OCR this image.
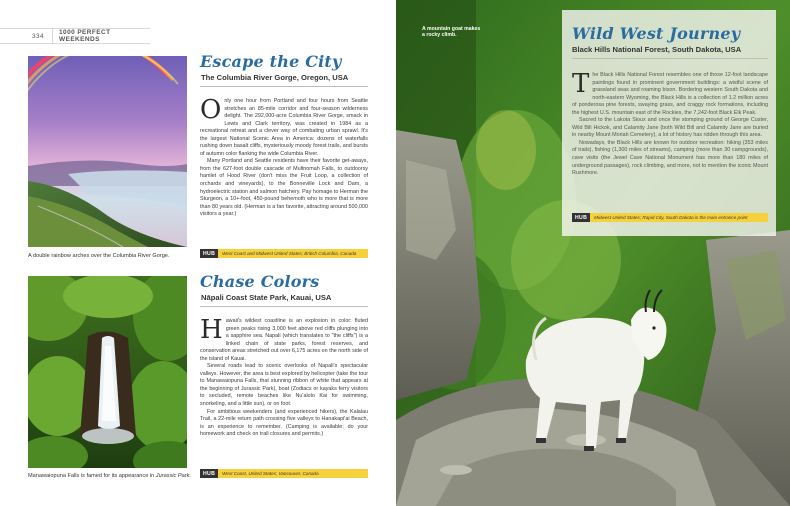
334	1000 PERFECT WEEKENDS
A double rainbow arches over the Columbia River Gorge.
Escape the City
The Columbia River Gorge, Oregon, USA

Only one hour from Portland and four hours from Seattle stretches an 85-mile corridor and four-season wilderness delight. The 292,000-acre Columbia River Gorge, smack in Lewis and Clark territory, was created in 1984 as a recreational retreat and a clever way of combating urban sprawl. It's the largest National Scenic Area in America: dozens of waterfalls rushing down basalt cliffs, mysteriously moody forest trails, and bursts of autumn color flanking the wide Columbia River.

Many Portland and Seattle residents have their favorite get-aways, from the 627-foot double cascade of Multnomah Falls, to outdoorsy hamlet of Hood River (don't miss the Fruit Loop, a collection of orchards and vineyards), to the Bonneville Lock and Dam, a hydroelectric station and salmon hatchery. Pay homage to Herman the Sturgeon, a 10+-foot, 450-pound behemoth who is more that is more than 80 years old. (Herman is a fan favorite, attracting around 500,000 visitors a year.)

HUB	West Coast and Midwest United States; British Columbia, Canada
Manawaiopuna Falls is famed for its appearance in Jurassic Park.
Chase Colors
Nāpali Coast State Park, Kauai, USA

Hawaii's wildest coastline is an explosion in color: fluted green peaks rising 3,000 feet above red cliffs plunging into a sapphire sea. Napali (which translates to "the cliffs") is a linked chain of state parks, forest reserves, and conservation areas stretched out over 6,175 acres on the north side of the island of Kauai.

Several roads lead to scenic overlooks of Napali's spectacular valleys. However, the area is best explored by helicopter (take the tour to Manawaiopuna Falls, that stunning ribbon of white that appears at the beginning of Jurassic Park), boat (Zodiacs or kayaks ferry visitors to secluded, remote beaches like Nu'alolo Kai for swimming, snorkeling, and a little sun), or on foot.

For ambitious weekenders (and experienced hikers), the Kalalau Trail, a 22-mile return path crossing five valleys to Hanakapi'ai Beach, is an experience to remember. (Camping is available; do your homework and check on trail closures and permits.)

HUB	West Coast, United States; Vancouver, Canada
A mountain goat makes a rocky climb.	Wild West Journey
Black Hills National Forest, South Dakota, USA

The Black Hills National Forest resembles one of those 12-foot landscape paintings found in prominent government buildings: a wistful scene of grassland seas and roaming bison. Bordering western South Dakota and north-eastern Wyoming, the Black Hills is a collection of 1.2 million acres of ponderosa pine forests, swaying grass, and craggy rock formations, including the highest U.S. mountain east of the Rockies, the 7,242-foot Black Elk Peak.

Sacred to the Lakota Sioux and once the stomping ground of George Custer, Wild Bill Hickok, and Calamity Jane (both Wild Bill and Calamity Jane are buried in nearby Mount Moriah Cemetery), a lot of history has ridden through this area.

Nowadays, the Black Hills are known for outdoor recreation: hiking (353 miles of trails), fishing (1,300 miles of streams), camping (more than 30 campgrounds), cave visits (the Jewel Cave National Monument has more than 180 miles of underground passages), rock climbing, and more, not to mention the iconic Mount Rushmore.

HUB	Midwest United States; Rapid City, South Dakota is the main entrance point
